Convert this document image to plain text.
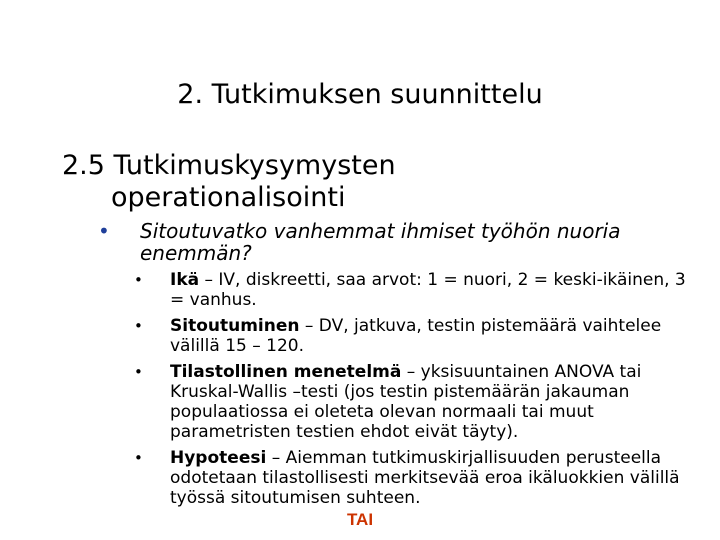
2. Tutkimuksen suunnittelu
2.5 Tutkimuskysymysten
operationalisointi
• Sitoutuvatko vanhemmat ihmiset työhön nuoria enemmän?
• Ikä – IV, diskreetti, saa arvot: 1 = nuori, 2 = keski-ikäinen, 3 = vanhus.
• Sitoutuminen – DV, jatkuva, testin pistemäärä vaihtelee välillä 15 – 120.
• Tilastollinen menetelmä – yksisuuntainen ANOVA tai Kruskal-Wallis –testi (jos testin pistemäärän jakauman populaatiossa ei oleteta olevan normaali tai muut parametristen testien ehdot eivät täyty).
• Hypoteesi – Aiemman tutkimuskirjallisuuden perusteella odotetaan tilastollisesti merkitsevää eroa ikäluokkien välillä työssä sitoutumisen suhteen.
TAI
